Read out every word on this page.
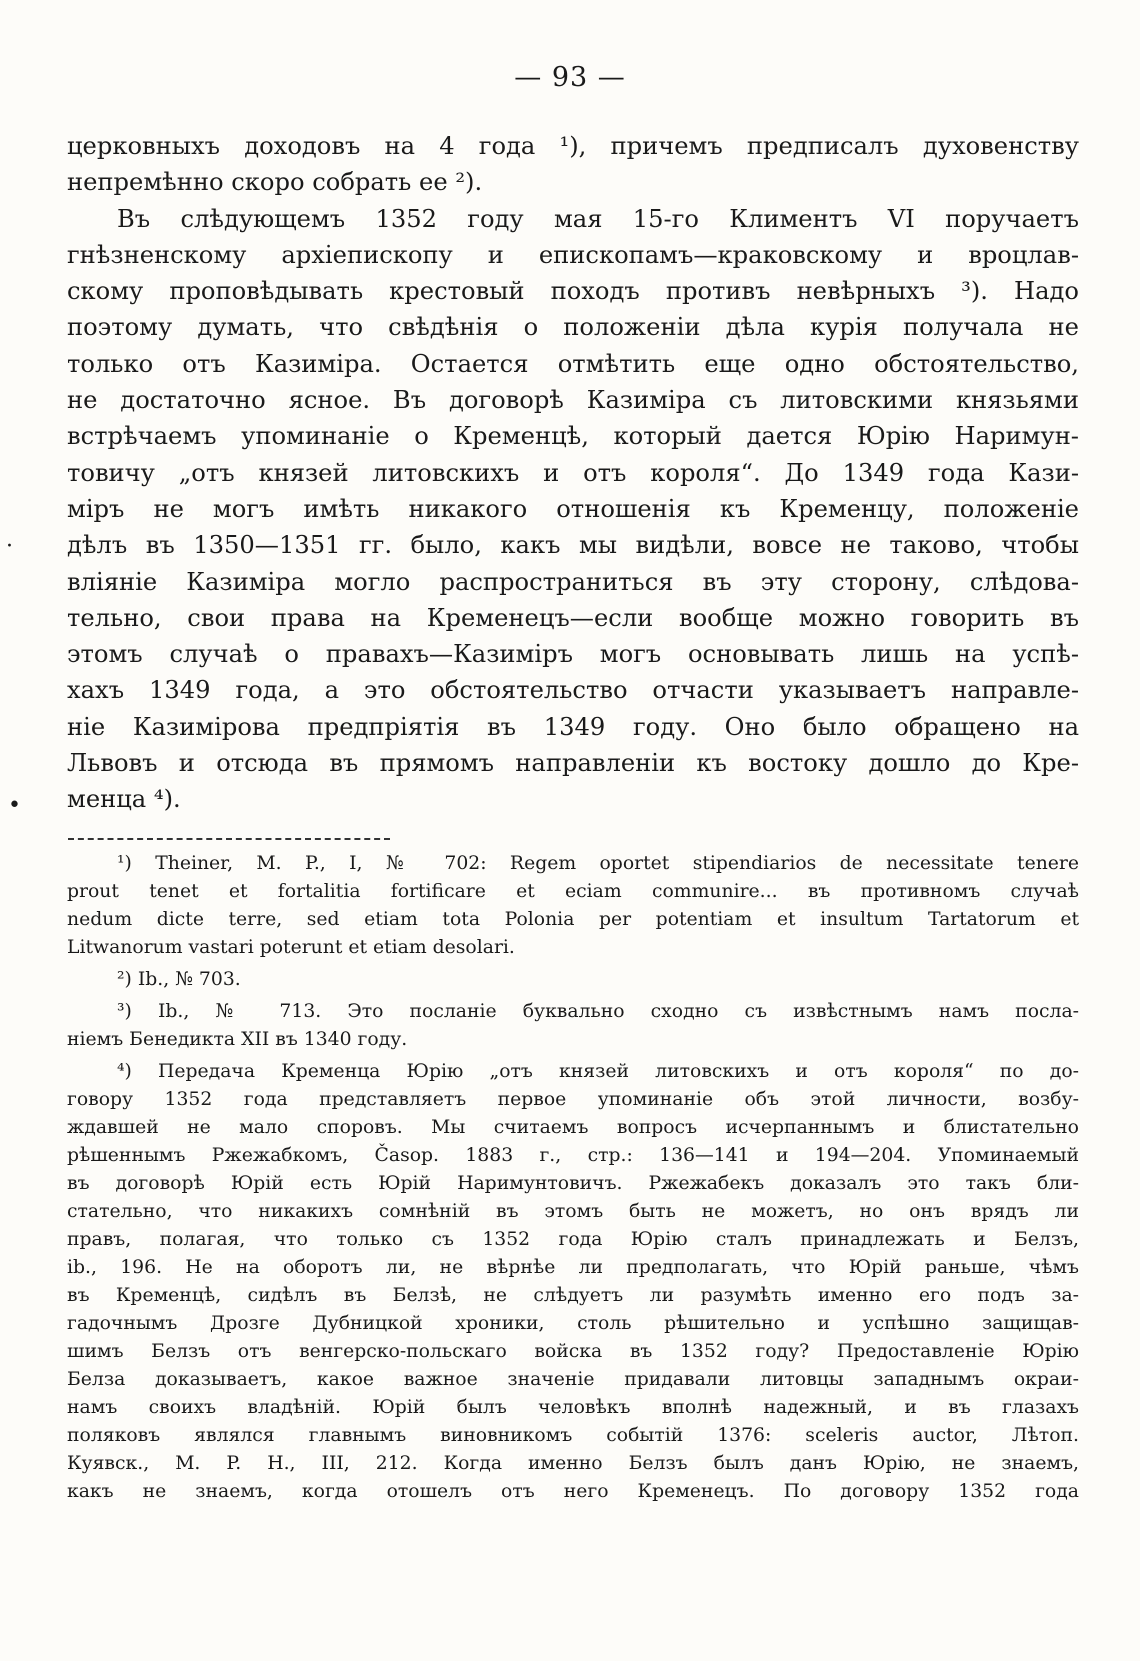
— 93 —
церковныхъ доходовъ на 4 года ¹), причемъ предписалъ духовенству
непремѣнно скоро собрать ее ²).
Въ слѣдующемъ 1352 году мая 15-го Климентъ VI поручаетъ
гнѣзненскому архіепископу и епископамъ—краковскому и вроцлав-
скому проповѣдывать крестовый походъ противъ невѣрныхъ ³). Надо
поэтому думать, что свѣдѣнія о положеніи дѣла курія получала не
только отъ Казиміра. Остается отмѣтить еще одно обстоятельство,
не достаточно ясное. Въ договорѣ Казиміра съ литовскими князьями
встрѣчаемъ упоминаніе о Кременцѣ, который дается Юрію Наримун-
товичу „отъ князей литовскихъ и отъ короля“. До 1349 года Кази-
міръ не могъ имѣть никакого отношенія къ Кременцу, положеніе
дѣлъ въ 1350—1351 гг. было, какъ мы видѣли, вовсе не таково, чтобы
вліяніе Казиміра могло распространиться въ эту сторону, слѣдова-
тельно, свои права на Кременецъ—если вообще можно говорить въ
этомъ случаѣ о правахъ—Казиміръ могъ основывать лишь на успѣ-
хахъ 1349 года, а это обстоятельство отчасти указываетъ направле-
ніе Казимірова предпріятія въ 1349 году. Оно было обращено на
Львовъ и отсюда въ прямомъ направленіи къ востоку дошло до Кре-
менца ⁴).
¹) Theiner, M. P., I, № 702: Regem oportet stipendiarios de necessitate tenere
prout tenet et fortalitia fortificare et eciam communire... въ противномъ случаѣ
nedum dicte terre, sed etiam tota Polonia per potentiam et insultum Tartatorum et
Litwanorum vastari poterunt et etiam desolari.
²) Ib., № 703.
³) Ib., № 713. Это посланіе буквально сходно съ извѣстнымъ намъ посла-
ніемъ Бенедикта XII въ 1340 году.
⁴) Передача Кременца Юрію „отъ князей литовскихъ и отъ короля“ по до-
говору 1352 года представляетъ первое упоминаніе объ этой личности, возбу-
ждавшей не мало споровъ. Мы считаемъ вопросъ исчерпаннымъ и блистательно
рѣшеннымъ Ржежабкомъ, Časop. 1883 г., стр.: 136—141 и 194—204. Упоминаемый
въ договорѣ Юрій есть Юрій Наримунтовичъ. Ржежабекъ доказалъ это такъ бли-
стательно, что никакихъ сомнѣній въ этомъ быть не можетъ, но онъ врядъ ли
правъ, полагая, что только съ 1352 года Юрію сталъ принадлежать и Белзъ,
ib., 196. Не на оборотъ ли, не вѣрнѣе ли предполагать, что Юрій раньше, чѣмъ
въ Кременцѣ, сидѣлъ въ Белзѣ, не слѣдуетъ ли разумѣть именно его подъ за-
гадочнымъ Дрозге Дубницкой хроники, столь рѣшительно и успѣшно защищав-
шимъ Белзъ отъ венгерско-польскаго войска въ 1352 году? Предоставленіе Юрію
Белза доказываетъ, какое важное значеніе придавали литовцы западнымъ окраи-
намъ своихъ владѣній. Юрій былъ человѣкъ вполнѣ надежный, и въ глазахъ
поляковъ являлся главнымъ виновникомъ событій 1376: sceleris auctor, Лѣтоп.
Куявск., M. P. H., III, 212. Когда именно Белзъ былъ данъ Юрію, не знаемъ,
какъ не знаемъ, когда отошелъ отъ него Кременецъ. По договору 1352 года
·
•
